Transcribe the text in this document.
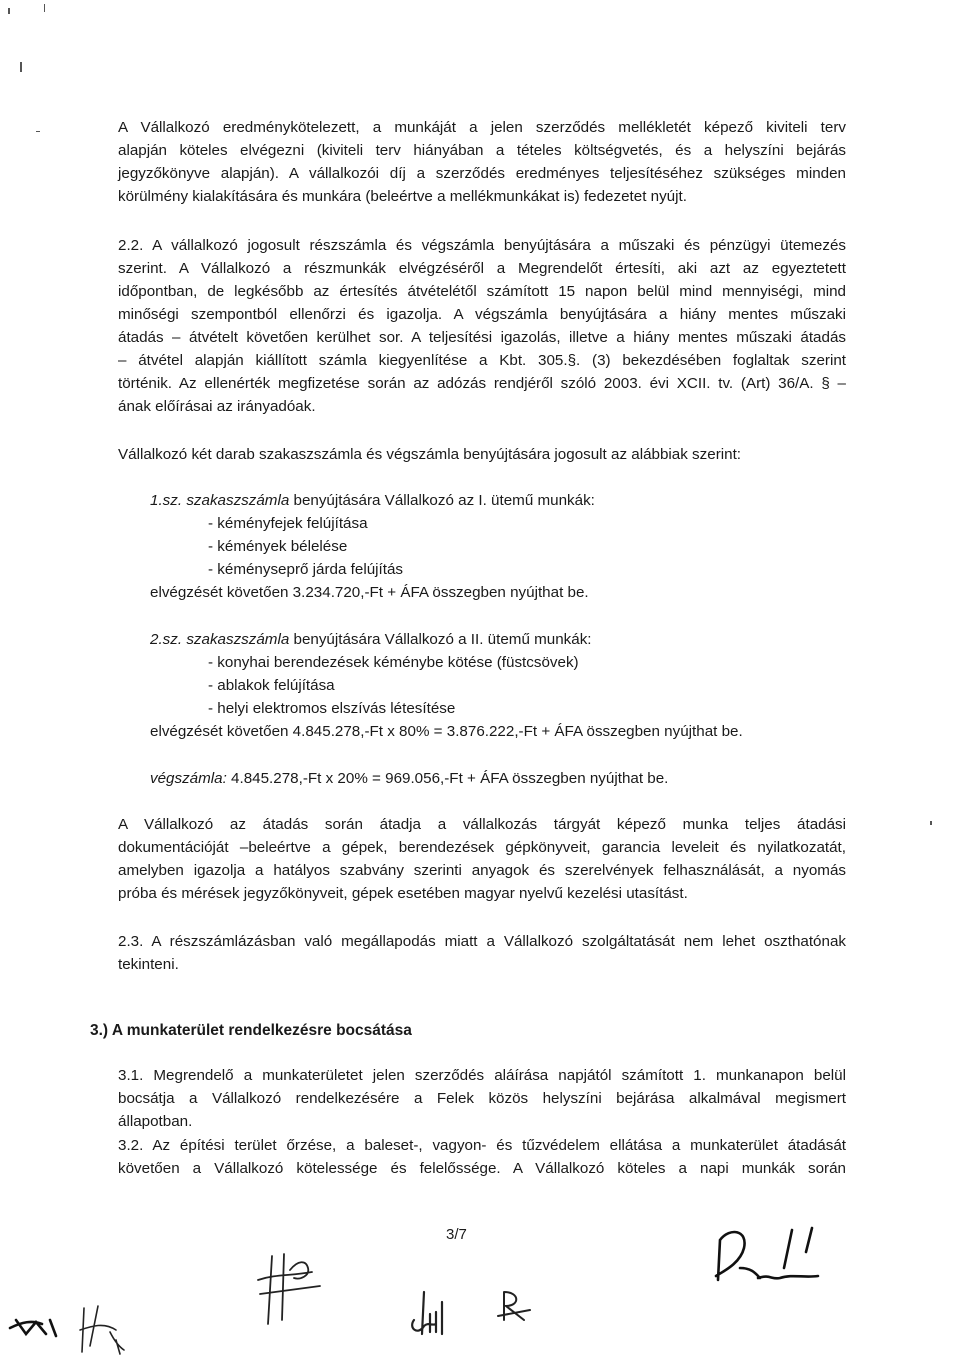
A Vállalkozó eredménykötelezett, a munkáját a jelen szerződés mellékletét képező kiviteli terv
alapján köteles elvégezni (kiviteli terv hiányában a tételes költségvetés, és a helyszíni bejárás
jegyzőkönyve alapján). A vállalkozói díj a szerződés eredményes teljesítéséhez szükséges minden
körülmény kialakítására és munkára (beleértve a mellékmunkákat is) fedezetet nyújt.
2.2. A vállalkozó jogosult részszámla és végszámla benyújtására a műszaki és pénzügyi ütemezés
szerint. A Vállalkozó a részmunkák elvégzéséről a Megrendelőt értesíti, aki azt az egyeztetett
időpontban, de legkésőbb az értesítés átvételétől számított 15 napon belül mind mennyiségi, mind
minőségi szempontból ellenőrzi és igazolja. A végszámla benyújtására a hiány mentes műszaki
átadás – átvételt követően kerülhet sor. A teljesítési igazolás, illetve a hiány mentes műszaki átadás
– átvétel alapján kiállított számla kiegyenlítése a Kbt. 305.§. (3) bekezdésében foglaltak szerint
történik. Az ellenérték megfizetése során az adózás rendjéről szóló 2003. évi XCII. tv. (Art) 36/A. § –
ának előírásai az irányadóak.
Vállalkozó két darab szakaszszámla és végszámla benyújtására jogosult az alábbiak szerint:
1.sz. szakaszszámla benyújtására Vállalkozó az I. ütemű munkák:
- kéményfejek felújítása
- kémények bélelése
- kéményseprő járda felújítás
elvégzését követően 3.234.720,-Ft + ÁFA összegben nyújthat be.
2.sz. szakaszszámla benyújtására Vállalkozó a II. ütemű munkák:
- konyhai berendezések kéménybe kötése (füstcsövek)
- ablakok felújítása
- helyi elektromos elszívás létesítése
elvégzését követően 4.845.278,-Ft x 80% = 3.876.222,-Ft + ÁFA összegben nyújthat be.
végszámla: 4.845.278,-Ft x 20% = 969.056,-Ft + ÁFA összegben nyújthat be.
A Vállalkozó az átadás során átadja a vállalkozás tárgyát képező munka teljes átadási
dokumentációját –beleértve a gépek, berendezések gépkönyveit, garancia leveleit és nyilatkozatát,
amelyben igazolja a hatályos szabvány szerinti anyagok és szerelvények felhasználását, a nyomás
próba és mérések jegyzőkönyveit, gépek esetében magyar nyelvű kezelési utasítást.
2.3. A részszámlázásban való megállapodás miatt a Vállalkozó szolgáltatását nem lehet oszthatónak
tekinteni.
3.) A munkaterület rendelkezésre bocsátása
3.1. Megrendelő a munkaterületet jelen szerződés aláírása napjától számított 1. munkanapon belül
bocsátja a Vállalkozó rendelkezésére a Felek közös helyszíni bejárása alkalmával megismert
állapotban.
3.2. Az építési terület őrzése, a baleset-, vagyon- és tűzvédelem ellátása a munkaterület átadását
követően a Vállalkozó kötelessége és felelőssége. A Vállalkozó köteles a napi munkák során
3/7
